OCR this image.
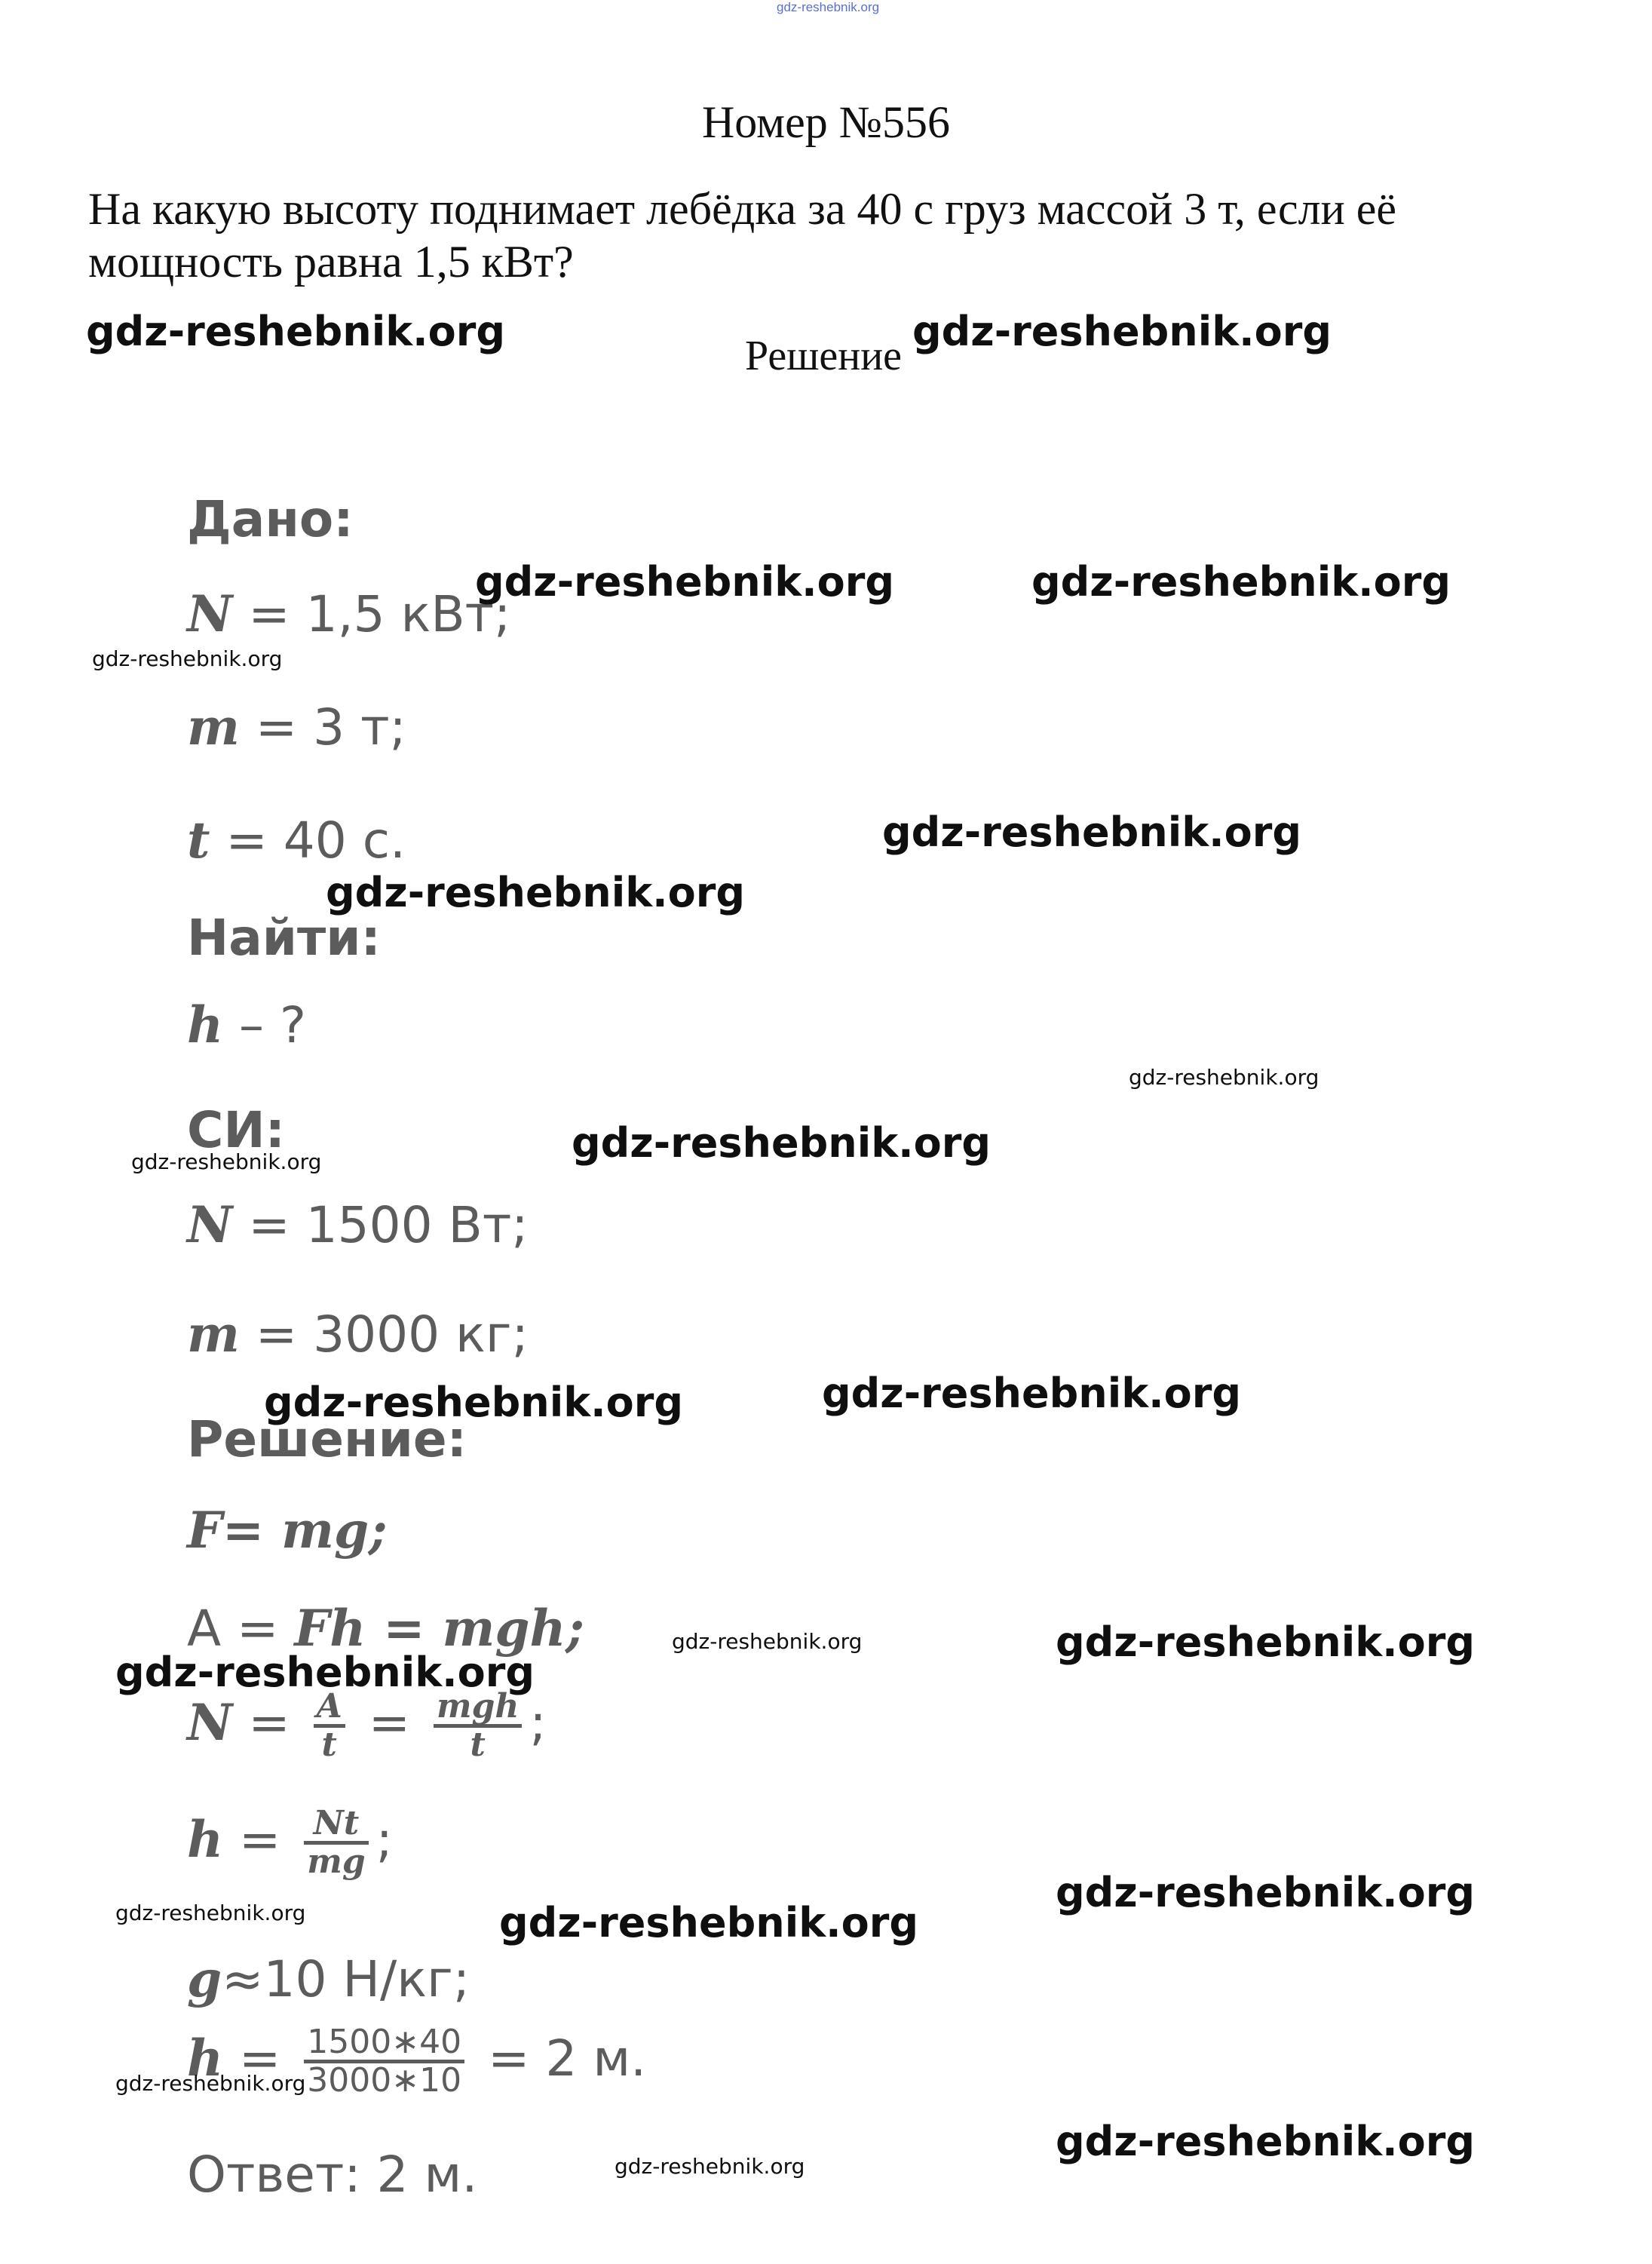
gdz-reshebnik.org
Номер №556
На какую высоту поднимает лебёдка за 40 с груз массой 3 т, если её мощность равна 1,5 кВт?
Решение
Дано:
N = 1,5 кВт;
m = 3 т;
t = 40 с.
Найти:
h – ?
СИ:
N = 1500 Вт;
m = 3000 кг;
Решение:
F= mg;
A = Fh = mgh;
$N = \frac{A}{t} = \frac{\text{mgh}}{t}$ ;
$h = \frac{Nt}{mg}$ ;
g≈10 Н/кг;
$h = \frac{1500∗40}{3000∗10} = 2$ м.
Ответ: 2 м.
gdz-reshebnik.org	gdz-reshebnik.org
gdz-reshebnik.org	gdz-reshebnik.org
gdz-reshebnik.org
gdz-reshebnik.org
gdz-reshebnik.org
gdz-reshebnik.org
gdz-reshebnik.org
gdz-reshebnik.org
gdz-reshebnik.org	gdz-reshebnik.org
gdz-reshebnik.org	gdz-reshebnik.org
gdz-reshebnik.org
gdz-reshebnik.org
gdz-reshebnik.org	gdz-reshebnik.org
gdz-reshebnik.org
gdz-reshebnik.org
gdz-reshebnik.org
